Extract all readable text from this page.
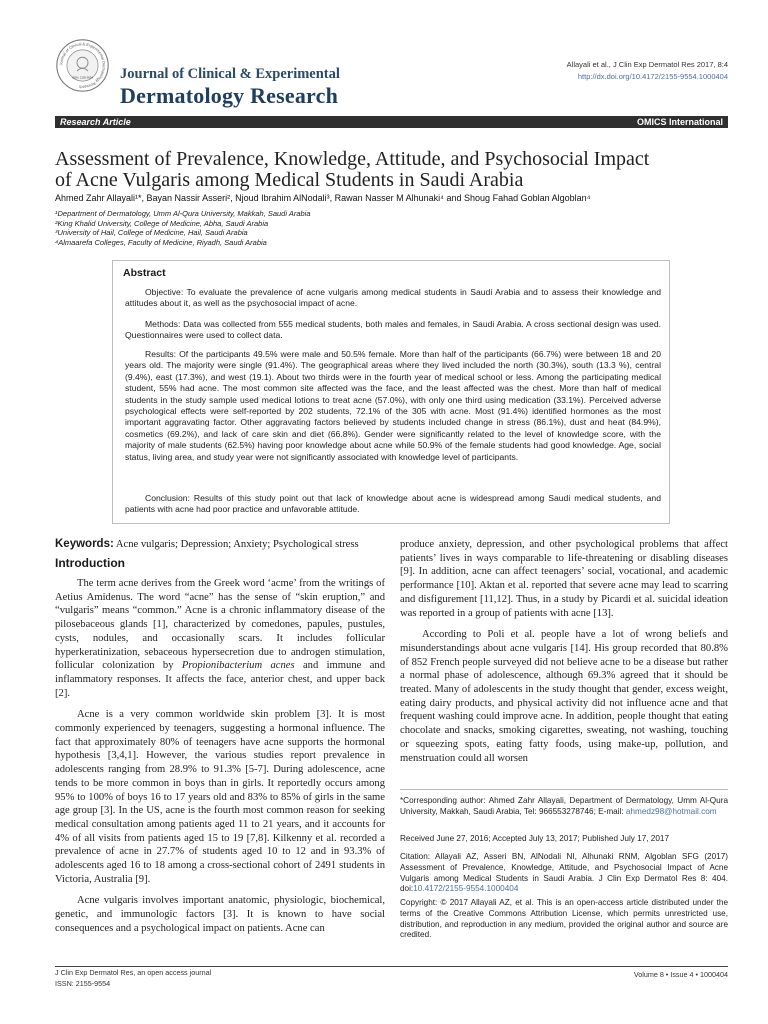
Journal of Clinical & Experimental Dermatology Research
ISSN: 2155-9554 Journal of Clinical & Experimental
Dermatology Research
Allayali et al., J Clin Exp Dermatol Res 2017, 8:4
http://dx.doi.org/10.4172/2155-9554.1000404
Research Article	OMICS International
Assessment of Prevalence, Knowledge, Attitude, and Psychosocial Impact
of Acne Vulgaris among Medical Students in Saudi Arabia
Ahmed Zahr Allayali¹*, Bayan Nassir Asseri², Njoud Ibrahim AlNodali³, Rawan Nasser M Alhunaki⁴ and Shoug Fahad Goblan Algoblan⁴
¹Department of Dermatology, Umm Al-Qura University, Makkah, Saudi Arabia
²King Khalid University, College of Medicine, Abha, Saudi Arabia
³University of Hail, College of Medicine, Hail, Saudi Arabia
⁴Almaarefa Colleges, Faculty of Medicine, Riyadh, Saudi Arabia
Abstract
Objective: To evaluate the prevalence of acne vulgaris among medical students in Saudi Arabia and to assess their knowledge and attitudes about it, as well as the psychosocial impact of acne.
Methods: Data was collected from 555 medical students, both males and females, in Saudi Arabia. A cross sectional design was used. Questionnaires were used to collect data.
Results: Of the participants 49.5% were male and 50.5% female. More than half of the participants (66.7%) were between 18 and 20 years old. The majority were single (91.4%). The geographical areas where they lived included the north (30.3%), south (13.3 %), central (9.4%), east (17.3%), and west (19.1). About two thirds were in the fourth year of medical school or less. Among the participating medical student, 55% had acne. The most common site affected was the face, and the least affected was the chest. More than half of medical students in the study sample used medical lotions to treat acne (57.0%), with only one third using medication (33.1%). Perceived adverse psychological effects were self-reported by 202 students, 72.1% of the 305 with acne. Most (91.4%) identified hormones as the most important aggravating factor. Other aggravating factors believed by students included change in stress (86.1%), dust and heat (84.9%), cosmetics (69.2%), and lack of care skin and diet (66.8%). Gender were significantly related to the level of knowledge score, with the majority of male students (62.5%) having poor knowledge about acne while 50.9% of the female students had good knowledge. Age, social status, living area, and study year were not significantly associated with knowledge level of participants.
Conclusion: Results of this study point out that lack of knowledge about acne is widespread among Saudi medical students, and patients with acne had poor practice and unfavorable attitude.
Keywords: Acne vulgaris; Depression; Anxiety; Psychological stress
Introduction

The term acne derives from the Greek word ‘acme’ from the writings of Aetius Amidenus. The word “acne” has the sense of “skin eruption,” and “vulgaris” means “common.” Acne is a chronic inflammatory disease of the pilosebaceous glands [1], characterized by comedones, papules, pustules, cysts, nodules, and occasionally scars. It includes follicular hyperkeratinization, sebaceous hypersecretion due to androgen stimulation, follicular colonization by Propionibacterium acnes and immune and inflammatory responses. It affects the face, anterior chest, and upper back [2].

Acne is a very common worldwide skin problem [3]. It is most commonly experienced by teenagers, suggesting a hormonal influence. The fact that approximately 80% of teenagers have acne supports the hormonal hypothesis [3,4,1]. However, the various studies report prevalence in adolescents ranging from 28.9% to 91.3% [5-7]. During adolescence, acne tends to be more common in boys than in girls. It reportedly occurs among 95% to 100% of boys 16 to 17 years old and 83% to 85% of girls in the same age group [3]. In the US, acne is the fourth most common reason for seeking medical consultation among patients aged 11 to 21 years, and it accounts for 4% of all visits from patients aged 15 to 19 [7,8]. Kilkenny et al. recorded a prevalence of acne in 27.7% of students aged 10 to 12 and in 93.3% of adolescents aged 16 to 18 among a cross-sectional cohort of 2491 students in Victoria, Australia [9].

Acne vulgaris involves important anatomic, physiologic, biochemical, genetic, and immunologic factors [3]. It is known to have social consequences and a psychological impact on patients. Acne can

produce anxiety, depression, and other psychological problems that affect patients’ lives in ways comparable to life-threatening or disabling diseases [9]. In addition, acne can affect teenagers’ social, vocational, and academic performance [10]. Aktan et al. reported that severe acne may lead to scarring and disfigurement [11,12]. Thus, in a study by Picardi et al. suicidal ideation was reported in a group of patients with acne [13].

According to Poli et al. people have a lot of wrong beliefs and misunderstandings about acne vulgaris [14]. His group recorded that 80.8% of 852 French people surveyed did not believe acne to be a disease but rather a normal phase of adolescence, although 69.3% agreed that it should be treated. Many of adolescents in the study thought that gender, excess weight, eating dairy products, and physical activity did not influence acne and that frequent washing could improve acne. In addition, people thought that eating chocolate and snacks, smoking cigarettes, sweating, not washing, touching or squeezing spots, eating fatty foods, using make-up, pollution, and menstruation could all worsen

*Corresponding author: Ahmed Zahr Allayali, Department of Dermatology, Umm Al-Qura University, Makkah, Saudi Arabia, Tel: 966553278746; E-mail: ahmedz98@hotmail.com
Received June 27, 2016; Accepted July 13, 2017; Published July 17, 2017
Citation: Allayali AZ, Asseri BN, AlNodali NI, Alhunaki RNM, Algoblan SFG (2017) Assessment of Prevalence, Knowledge, Attitude, and Psychosocial Impact of Acne Vulgaris among Medical Students in Saudi Arabia. J Clin Exp Dermatol Res 8: 404. doi:10.4172/2155-9554.1000404
Copyright: © 2017 Allayali AZ, et al. This is an open-access article distributed under the terms of the Creative Commons Attribution License, which permits unrestricted use, distribution, and reproduction in any medium, provided the original author and source are credited.
J Clin Exp Dermatol Res, an open access journal
ISSN: 2155-9554
Volume 8 • Issue 4 • 1000404
